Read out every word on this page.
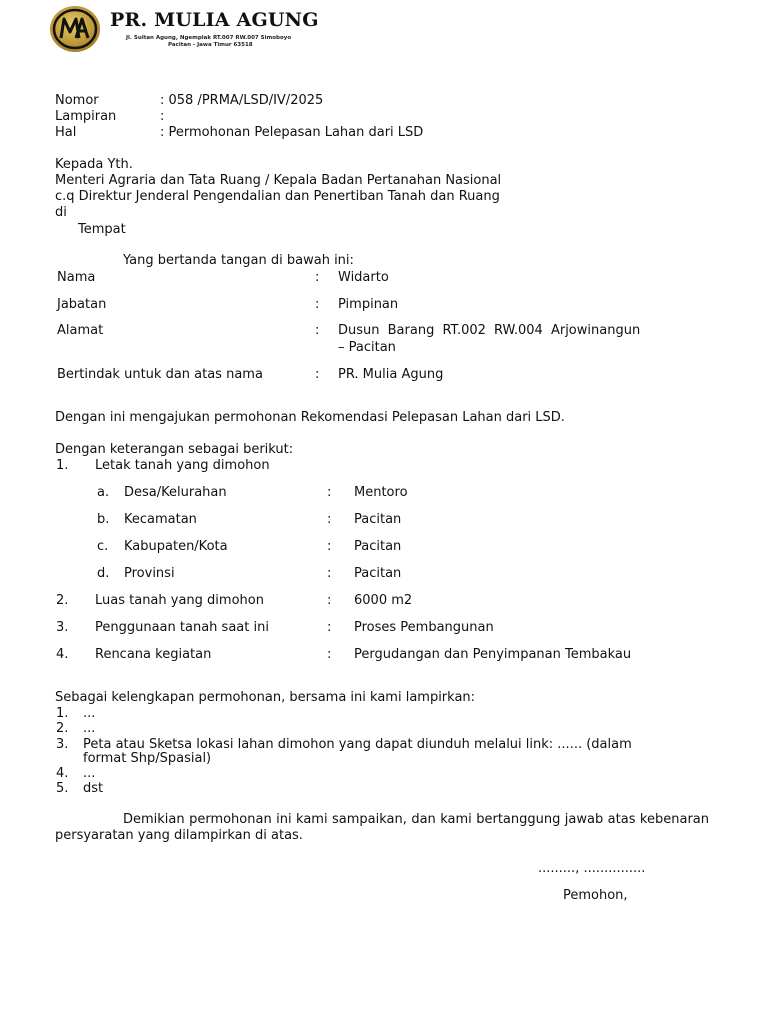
PR. MULIA AGUNG
Jl. Sultan Agung, Ngemplak RT.007 RW.007 Simoboyo
Pacitan - Jawa Timur 63518
Nomor	: 058 /PRMA/LSD/IV/2025
Lampiran	:
Hal	: Permohonan Pelepasan Lahan dari LSD
Kepada Yth.
Menteri Agraria dan Tata Ruang / Kepala Badan Pertanahan Nasional
c.q Direktur Jenderal Pengendalian dan Penertiban Tanah dan Ruang
di
Tempat
Yang bertanda tangan di bawah ini:
Nama	: Widarto
Jabatan	: Pimpinan
Alamat	: Dusun Barang RT.002 RW.004 Arjowinangun
– Pacitan
Bertindak untuk dan atas nama	: PR. Mulia Agung
Dengan ini mengajukan permohonan Rekomendasi Pelepasan Lahan dari LSD.
Dengan keterangan sebagai berikut:
1. Letak tanah yang dimohon
a. Desa/Kelurahan	: Mentoro
b. Kecamatan	: Pacitan
c. Kabupaten/Kota	: Pacitan
d. Provinsi	: Pacitan
2. Luas tanah yang dimohon	: 6000 m2
3. Penggunaan tanah saat ini	: Proses Pembangunan
4. Rencana kegiatan	: Pergudangan dan Penyimpanan Tembakau
Sebagai kelengkapan permohonan, bersama ini kami lampirkan:
1. ...
2. ...
3. Peta atau Sketsa lokasi lahan dimohon yang dapat diunduh melalui link: ...... (dalam
format Shp/Spasial)
4. ...
5. dst
Demikian permohonan ini kami sampaikan, dan kami bertanggung jawab atas kebenaran persyaratan yang dilampirkan di atas.
........., ...............
Pemohon,
